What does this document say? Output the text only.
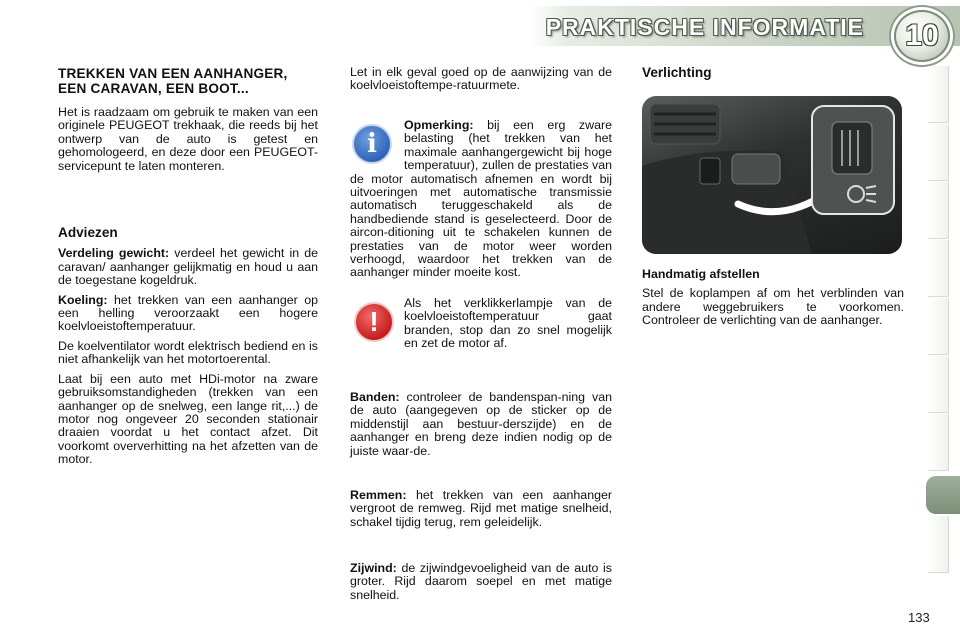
PRAKTISCHE INFORMATIE	10
TREKKEN VAN EEN AANHANGER, EEN CARAVAN, EEN BOOT...

Het is raadzaam om gebruik te maken van een originele PEUGEOT trekhaak, die reeds bij het ontwerp van de auto is getest en gehomologeerd, en deze door een PEUGEOT-servicepunt te laten monteren.

Adviezen

Verdeling gewicht: verdeel het gewicht in de caravan/ aanhanger gelijkmatig en houd u aan de toegestane kogeldruk.

Koeling: het trekken van een aanhanger op een helling veroorzaakt een hogere koelvloeistoftemperatuur.

De koelventilator wordt elektrisch bediend en is niet afhankelijk van het motortoerental.

Laat bij een auto met HDi-motor na zware gebruiksomstandigheden (trekken van een aanhanger op de snelweg, een lange rit,...) de motor nog ongeveer 20 seconden stationair draaien voordat u het contact afzet. Dit voorkomt oververhitting na het afzetten van de motor.

Let in elk geval goed op de aanwijzing van de koelvloeistoftempe-ratuurmete.

i

Opmerking: bij een erg zware belasting (het trekken van het maximale aanhangergewicht bij hoge temperatuur), zullen de prestaties van de motor automatisch afnemen en wordt bij uitvoeringen met automatische transmissie automatisch teruggeschakeld als de handbediende stand is geselecteerd. Door de aircon-ditioning uit te schakelen kunnen de prestaties van de motor weer worden verhoogd, waardoor het trekken van de aanhanger minder moeite kost.

!

Als het verklikkerlampje van de koelvloeistoftemperatuur gaat branden, stop dan zo snel mogelijk en zet de motor af.

Banden: controleer de bandenspan-ning van de auto (aangegeven op de sticker op de middenstijl aan bestuur-derszijde) en de aanhanger en breng deze indien nodig op de juiste waar-de.

Remmen: het trekken van een aanhanger vergroot de remweg. Rijd met matige snelheid, schakel tijdig terug, rem geleidelijk.

Zijwind: de zijwindgevoeligheid van de auto is groter. Rijd daarom soepel en met matige snelheid.

Verlichting
Handmatig afstellen

Stel de koplampen af om het verblinden van andere weggebruikers te voorkomen. Controleer de verlichting van de aanhanger.

133
